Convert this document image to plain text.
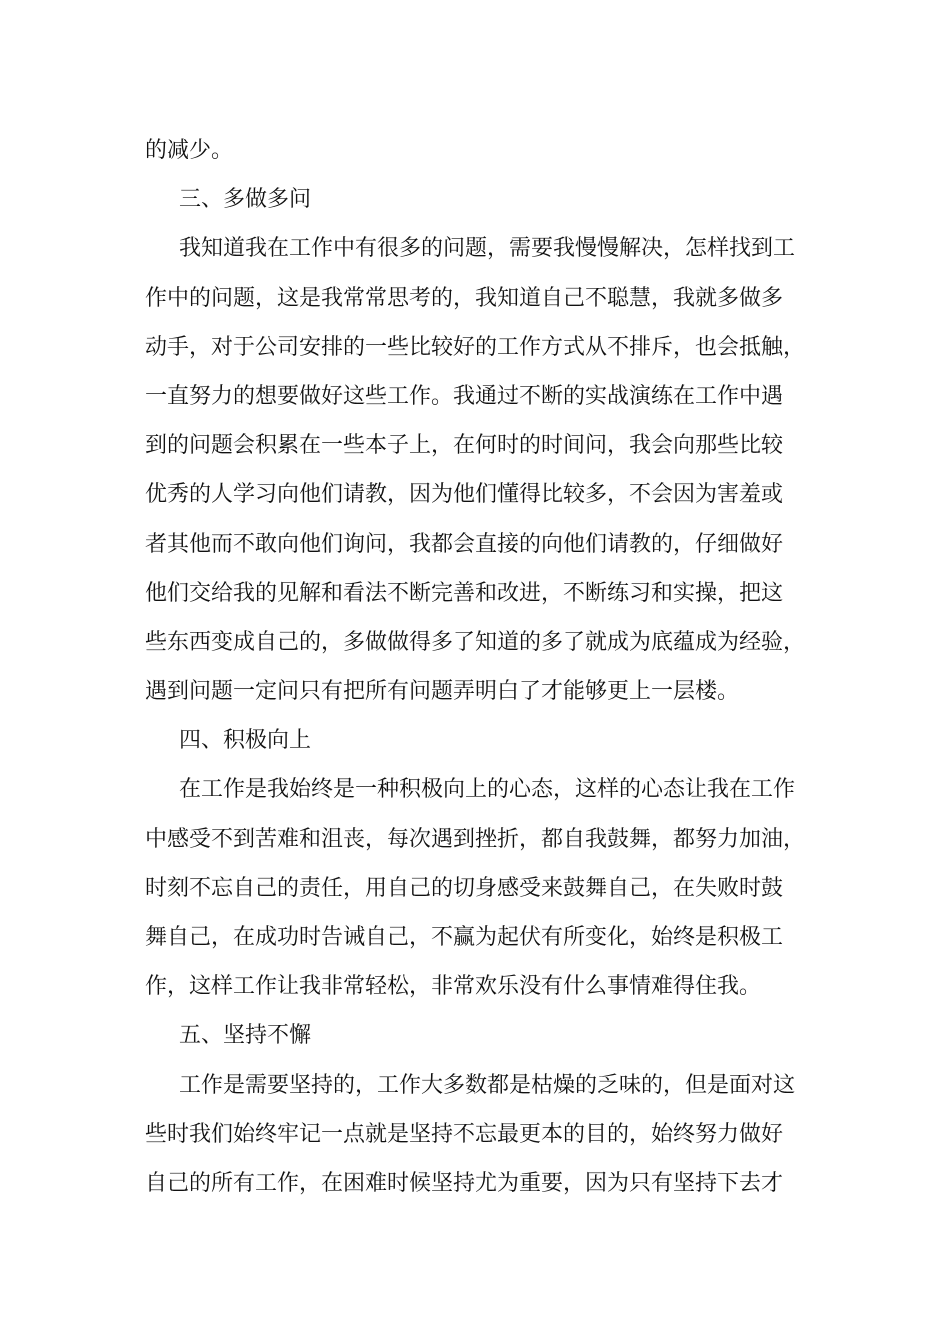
的减少。
三、多做多问
我知道我在工作中有很多的问题，需要我慢慢解决，怎样找到工
作中的问题，这是我常常思考的，我知道自己不聪慧，我就多做多
动手，对于公司安排的一些比较好的工作方式从不排斥，也会抵触，
一直努力的想要做好这些工作。我通过不断的实战演练在工作中遇
到的问题会积累在一些本子上，在何时的时间问，我会向那些比较
优秀的人学习向他们请教，因为他们懂得比较多，不会因为害羞或
者其他而不敢向他们询问，我都会直接的向他们请教的，仔细做好
他们交给我的见解和看法不断完善和改进，不断练习和实操，把这
些东西变成自己的，多做做得多了知道的多了就成为底蕴成为经验，
遇到问题一定问只有把所有问题弄明白了才能够更上一层楼。
四、积极向上
在工作是我始终是一种积极向上的心态，这样的心态让我在工作
中感受不到苦难和沮丧，每次遇到挫折，都自我鼓舞，都努力加油，
时刻不忘自己的责任，用自己的切身感受来鼓舞自己，在失败时鼓
舞自己，在成功时告诫自己，不赢为起伏有所变化，始终是积极工
作，这样工作让我非常轻松，非常欢乐没有什么事情难得住我。
五、坚持不懈
工作是需要坚持的，工作大多数都是枯燥的乏味的，但是面对这
些时我们始终牢记一点就是坚持不忘最更本的目的，始终努力做好
自己的所有工作，在困难时候坚持尤为重要，因为只有坚持下去才
